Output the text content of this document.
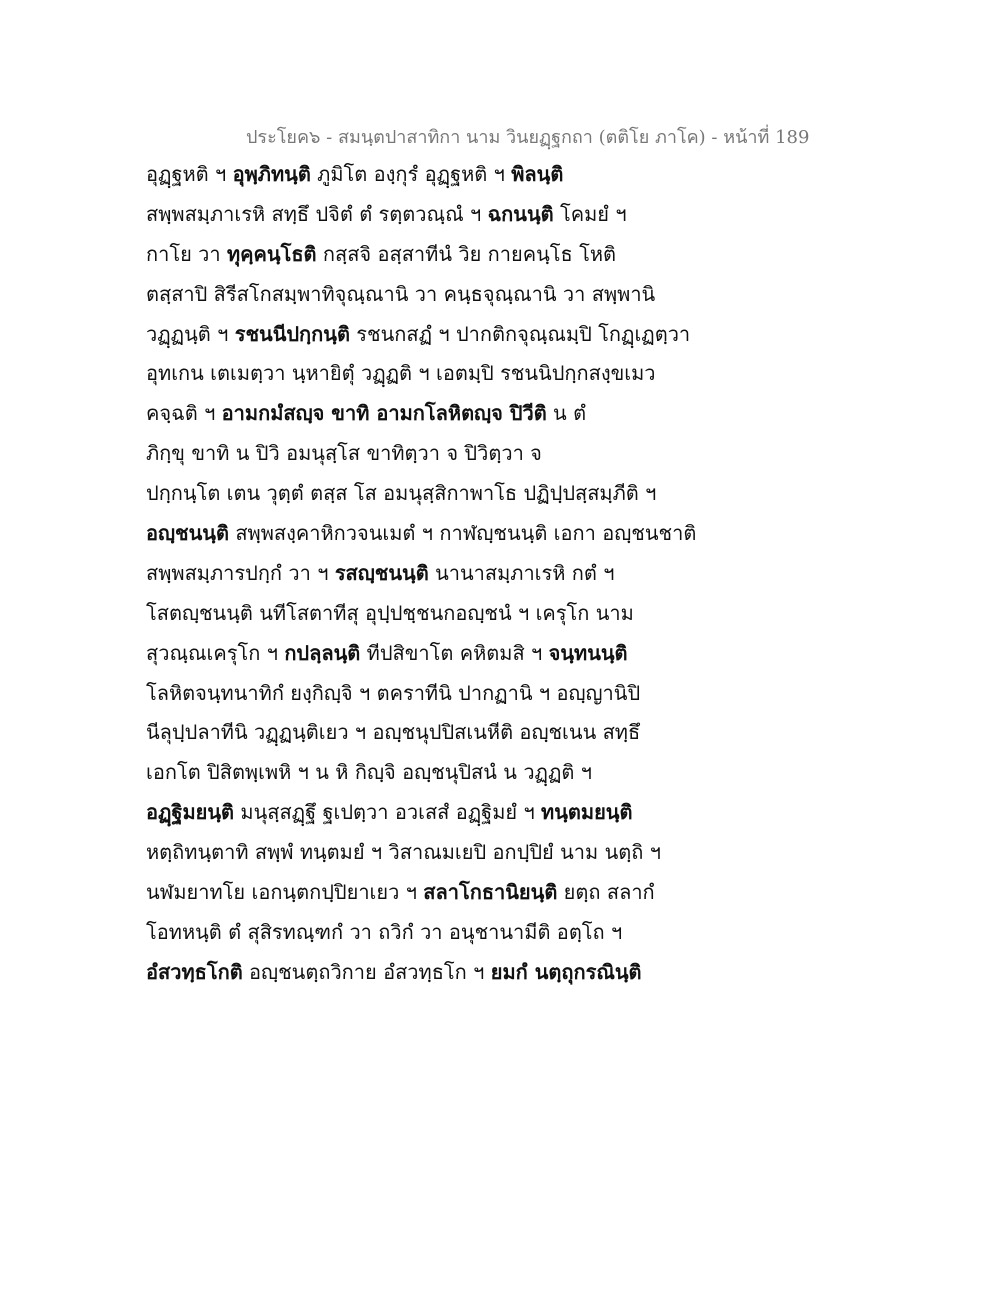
ประโยค๖ - สมนฺตปาสาทิกา นาม วินยฏฺฐกถา (ตติโย ภาโค) - หน้าที่ 189
อุฏฺฐหติ ฯ อุพฺภิทนฺติ ภูมิโต องฺกุรํ อุฏฺฐหติ ฯ พิลนฺติ
สพฺพสมฺภาเรหิ สทฺธึ ปจิตํ ตํ รตฺตวณฺณํ ฯ ฉกนนฺติ โคมยํ ฯ
กาโย วา ทุคฺคนฺโธติ กสฺสจิ อสฺสาทีนํ วิย กายคนฺโธ โหติ
ตสฺสาปิ สิรีสโกสมฺพาทิจุณฺณานิ วา คนฺธจุณฺณานิ วา สพฺพานิ
วฏฺฏนฺติ ฯ รชนนีปกฺกนฺติ รชนกสฏํ ฯ ปากติกจุณฺณมฺปิ โกฏฺเฏตฺวา
อุทเกน เตเมตฺวา นฺหายิตุํ วฏฺฏติ ฯ เอตมฺปิ รชนนิปกฺกสงฺขเมว
คจฺฉติ ฯ อามกมํสญฺจ ขาทิ อามกโลหิตญฺจ ปิวีติ น ตํ
ภิกฺขุ ขาทิ น ปิวิ อมนุสฺโส ขาทิตฺวา จ ปิวิตฺวา จ
ปกฺกนฺโต เตน วุตฺตํ ตสฺส โส อมนุสฺสิกาพาโธ ปฏิปฺปสฺสมฺภีติ ฯ
อญฺชนนฺติ สพฺพสงฺคาหิกวจนเมตํ ฯ กาฬญฺชนนฺติ เอกา อญฺชนชาติ
สพฺพสมฺภารปกฺกํ วา ฯ รสญฺชนนฺติ นานาสมฺภาเรหิ กตํ ฯ
โสตญฺชนนฺติ นทีโสตาทีสุ อุปฺปชฺชนกอญฺชนํ ฯ เครุโก นาม
สุวณฺณเครุโก ฯ กปลฺลนฺติ ทีปสิขาโต คหิตมสิ ฯ จนฺทนนฺติ
โลหิตจนฺทนาทิกํ ยงฺกิญฺจิ ฯ ตคราทีนิ ปากฏานิ ฯ อญฺญานิปิ
นีลุปฺปลาทีนิ วฏฺฏนฺติเยว ฯ อญฺชนุปปิสเนหีติ อญฺชเนน สทฺธึ
เอกโต ปิสิตพฺเพหิ ฯ น หิ กิญฺจิ อญฺชนุปิสนํ น วฏฺฏติ ฯ
อฏฺฐิมยนฺติ มนุสฺสฏฺฐึ ฐเปตฺวา อวเสสํ อฏฺฐิมยํ ฯ ทนฺตมยนฺติ
หตฺถิทนฺตาทิ สพฺพํ ทนฺตมยํ ฯ วิสาณมเยปิ อกปฺปิยํ นาม นตฺถิ ฯ
นฬมยาทโย เอกนฺตกปฺปิยาเยว ฯ สลาโกธานิยนฺติ ยตฺถ สลากํ
โอทหนฺติ ตํ สุสิรทณฺฑกํ วา ถวิกํ วา อนุชานามีติ อตฺโถ ฯ
อํสวทฺธโกติ อญฺชนตฺถวิกาย อํสวทฺธโก ฯ ยมกํ นตฺถุกรณินฺติ
